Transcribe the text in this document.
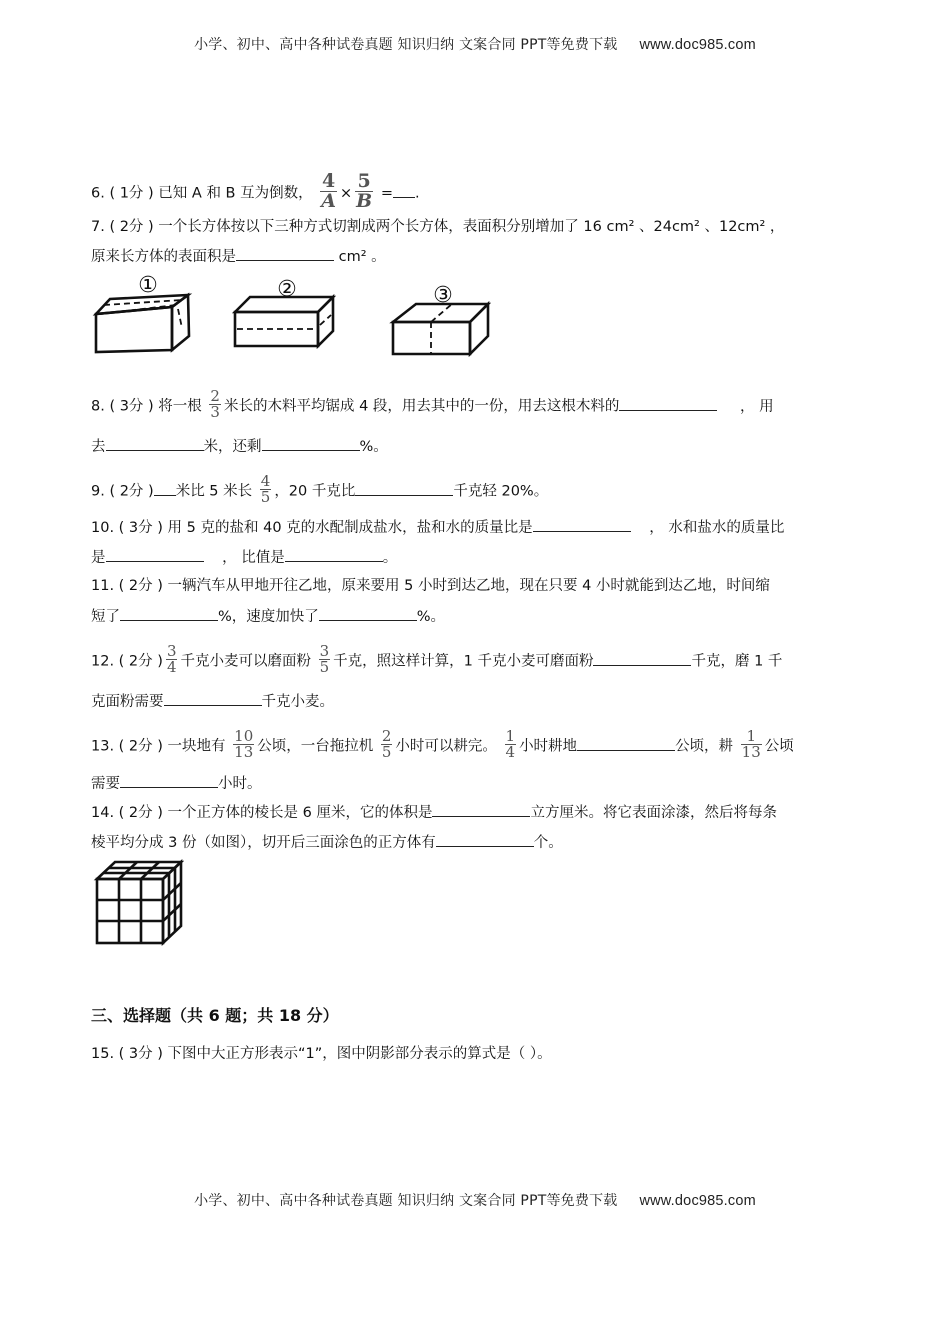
小学、初中、高中各种试卷真题 知识归纳 文案合同 PPT等免费下载 www.doc985.com
6. ( 1分 ) 已知 A 和 B 互为倒数， $\frac{4}{A} \times \frac{5}{B}$ = .
7. ( 2分 ) 一个长方体按以下三种方式切割成两个长方体，表面积分别增加了 16 cm² 、24cm² 、12cm² ，
原来长方体的表面积是	cm² 。
①	②	③
8. ( 3分 ) 将一根 $\frac{2}{3}$ 米长的木料平均锯成 4 段，用去其中的一份，用去这根木料的	， 用
去	米，还剩	%。
9. ( 2分 ) 米比 5 米长 $\frac{4}{5}$ ，20 千克比	千克轻 20%。
10. ( 3分 ) 用 5 克的盐和 40 克的水配制成盐水，盐和水的质量比是	， 水和盐水的质量比
是	， 比值是	。
11. ( 2分 ) 一辆汽车从甲地开往乙地，原来要用 5 小时到达乙地，现在只要 4 小时就能到达乙地，时间缩
短了	%，速度加快了	%。
12. ( 2分 ) $\frac{3}{4}$ 千克小麦可以磨面粉 $\frac{3}{5}$ 千克，照这样计算，1 千克小麦可磨面粉	千克，磨 1 千
克面粉需要	千克小麦。
13. ( 2分 ) 一块地有 $\frac{10}{13}$ 公顷，一台拖拉机 $\frac{2}{5}$ 小时可以耕完。 $\frac{1}{4}$ 小时耕地	公顷，耕 $\frac{1}{13}$ 公顷
需要	小时。
14. ( 2分 ) 一个正方体的棱长是 6 厘米，它的体积是	立方厘米。将它表面涂漆，然后将每条
棱平均分成 3 份（如图），切开后三面涂色的正方体有	个。
三、选择题（共 6 题；共 18 分）
15. ( 3分 ) 下图中大正方形表示“1”，图中阴影部分表示的算式是（ ）。
小学、初中、高中各种试卷真题 知识归纳 文案合同 PPT等免费下载 www.doc985.com
